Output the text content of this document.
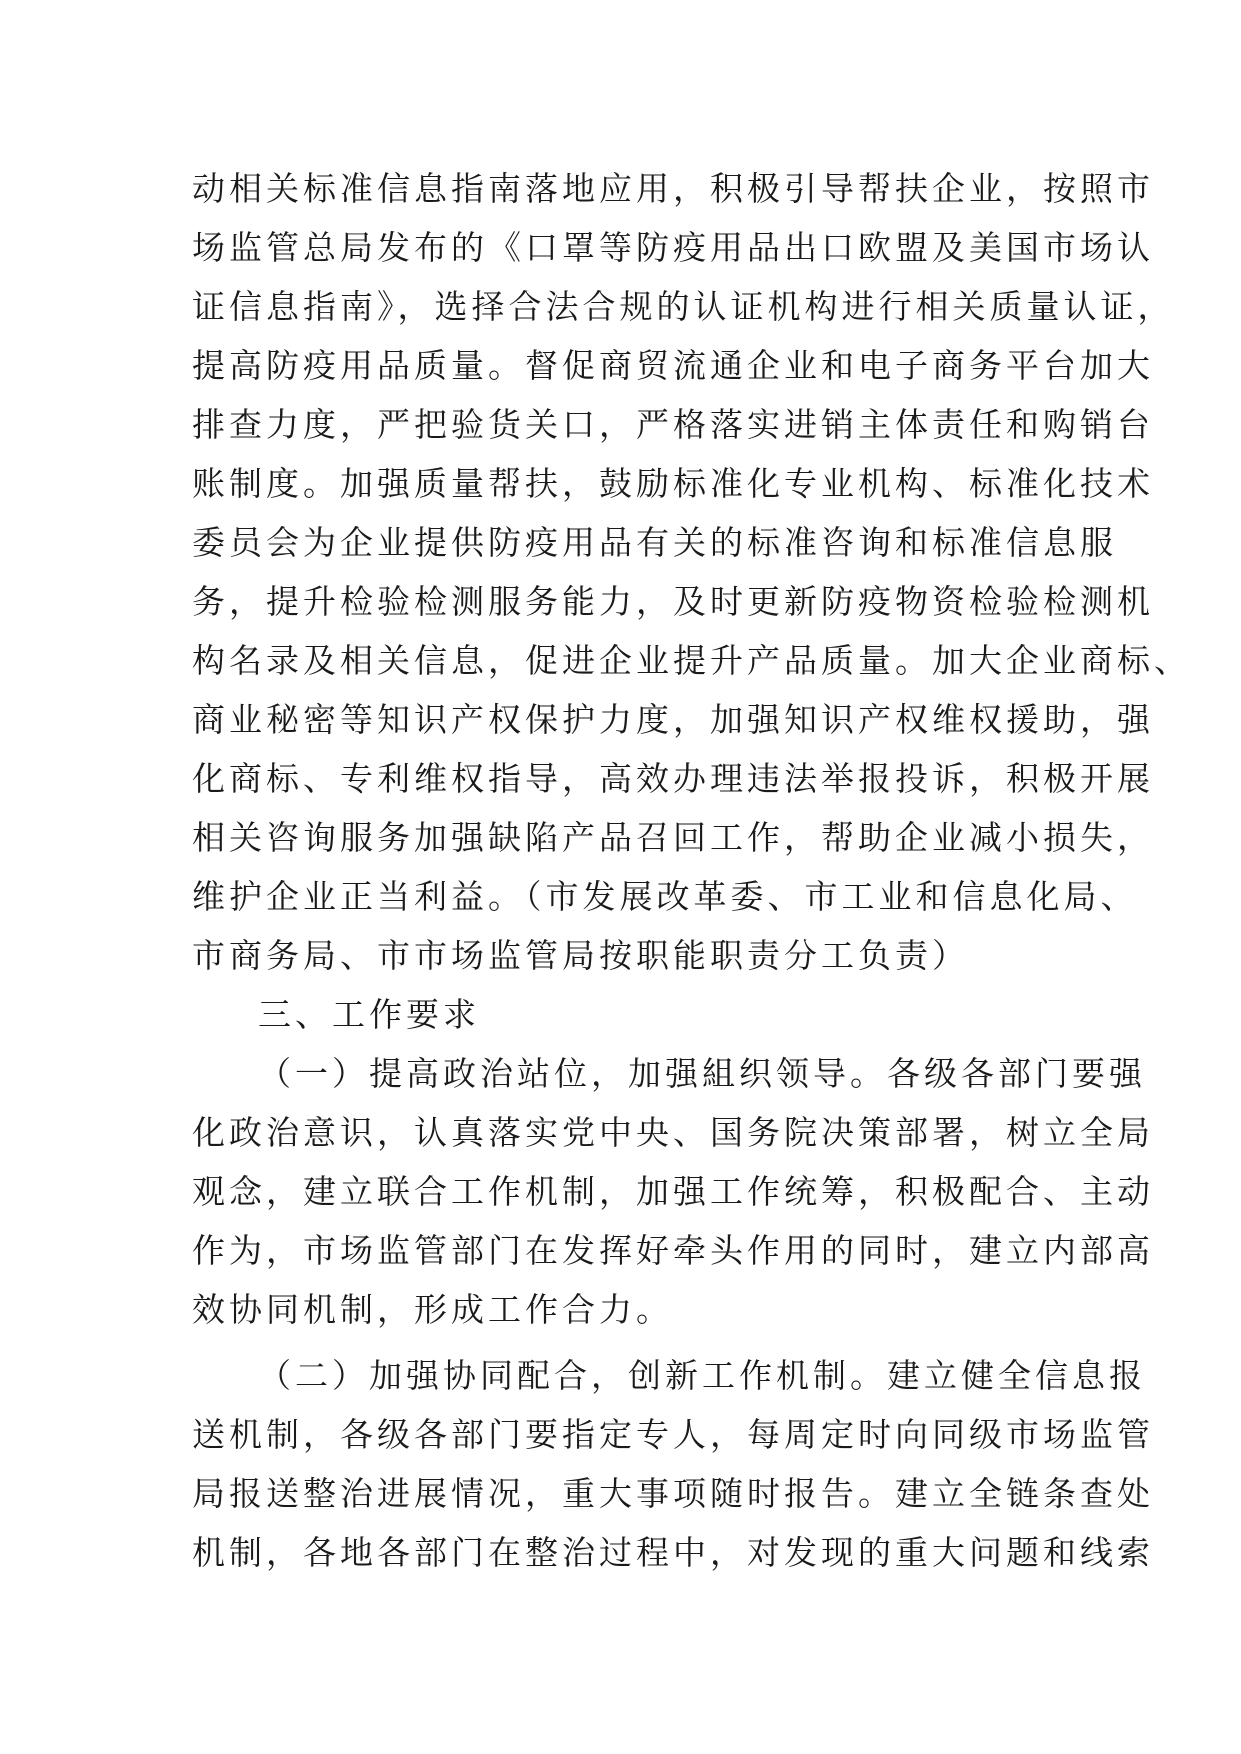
动相关标准信息指南落地应用，积极引导帮扶企业，按照市
场监管总局发布的《口罩等防疫用品出口欧盟及美国市场认
证信息指南》，选择合法合规的认证机构进行相关质量认证，
提高防疫用品质量。督促商贸流通企业和电子商务平台加大
排查力度，严把验货关口，严格落实进销主体责任和购销台
账制度。加强质量帮扶，鼓励标准化专业机构、标准化技术
委员会为企业提供防疫用品有关的标准咨询和标准信息服
务，提升检验检测服务能力，及时更新防疫物资检验检测机
构名录及相关信息，促进企业提升产品质量。加大企业商标、
商业秘密等知识产权保护力度，加强知识产权维权援助，强
化商标、专利维权指导，高效办理违法举报投诉，积极开展
相关咨询服务加强缺陷产品召回工作，帮助企业减小损失，
维护企业正当利益。（市发展改革委、市工业和信息化局、
市商务局、市市场监管局按职能职责分工负责）
三、工作要求
（一）提高政治站位，加强組织领导。各级各部门要强
化政治意识，认真落实党中央、国务院决策部署，树立全局
观念，建立联合工作机制，加强工作统筹，积极配合、主动
作为，市场监管部门在发挥好牵头作用的同时，建立内部高
效协同机制，形成工作合力。
（二）加强协同配合，创新工作机制。建立健全信息报
送机制，各级各部门要指定专人，每周定时向同级市场监管
局报送整治进展情况，重大事项随时报告。建立全链条查处
机制，各地各部门在整治过程中，对发现的重大问题和线索
